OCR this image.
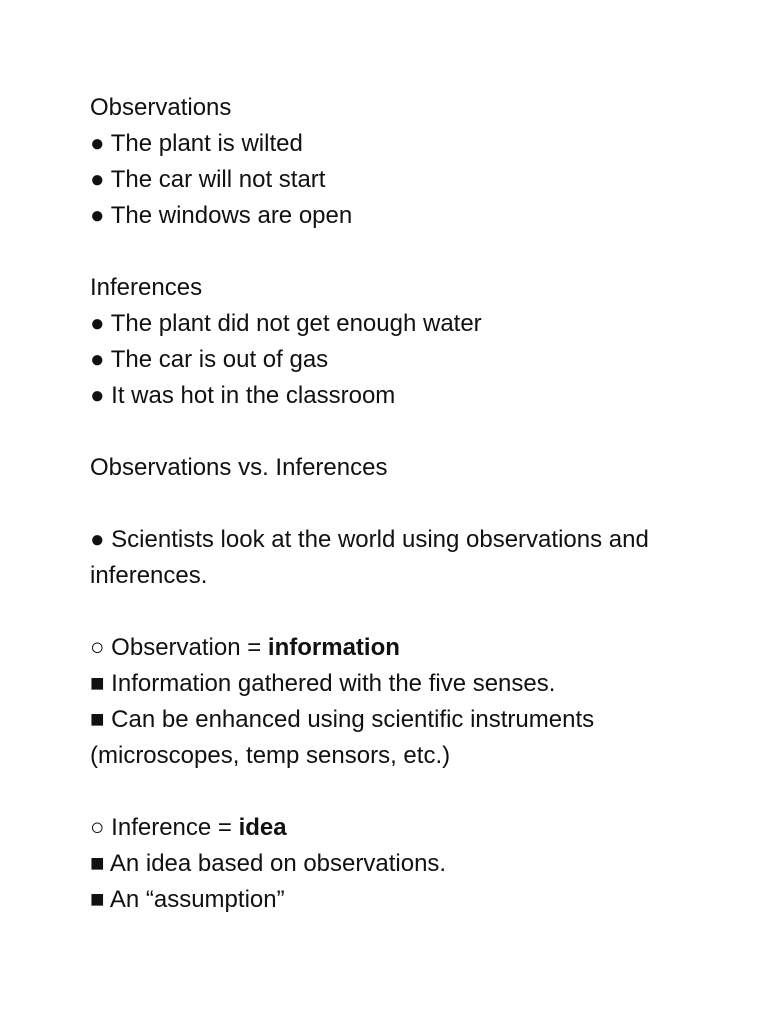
Observations

● The plant is wilted

● The car will not start

● The windows are open

Inferences

● The plant did not get enough water

● The car is out of gas

● It was hot in the classroom

Observations vs. Inferences

● Scientists look at the world using observations and inferences.

○ Observation = information

■ Information gathered with the five senses.

■ Can be enhanced using scientific instruments (microscopes, temp sensors, etc.)

○ Inference = idea

■ An idea based on observations.

■ An “assumption”
